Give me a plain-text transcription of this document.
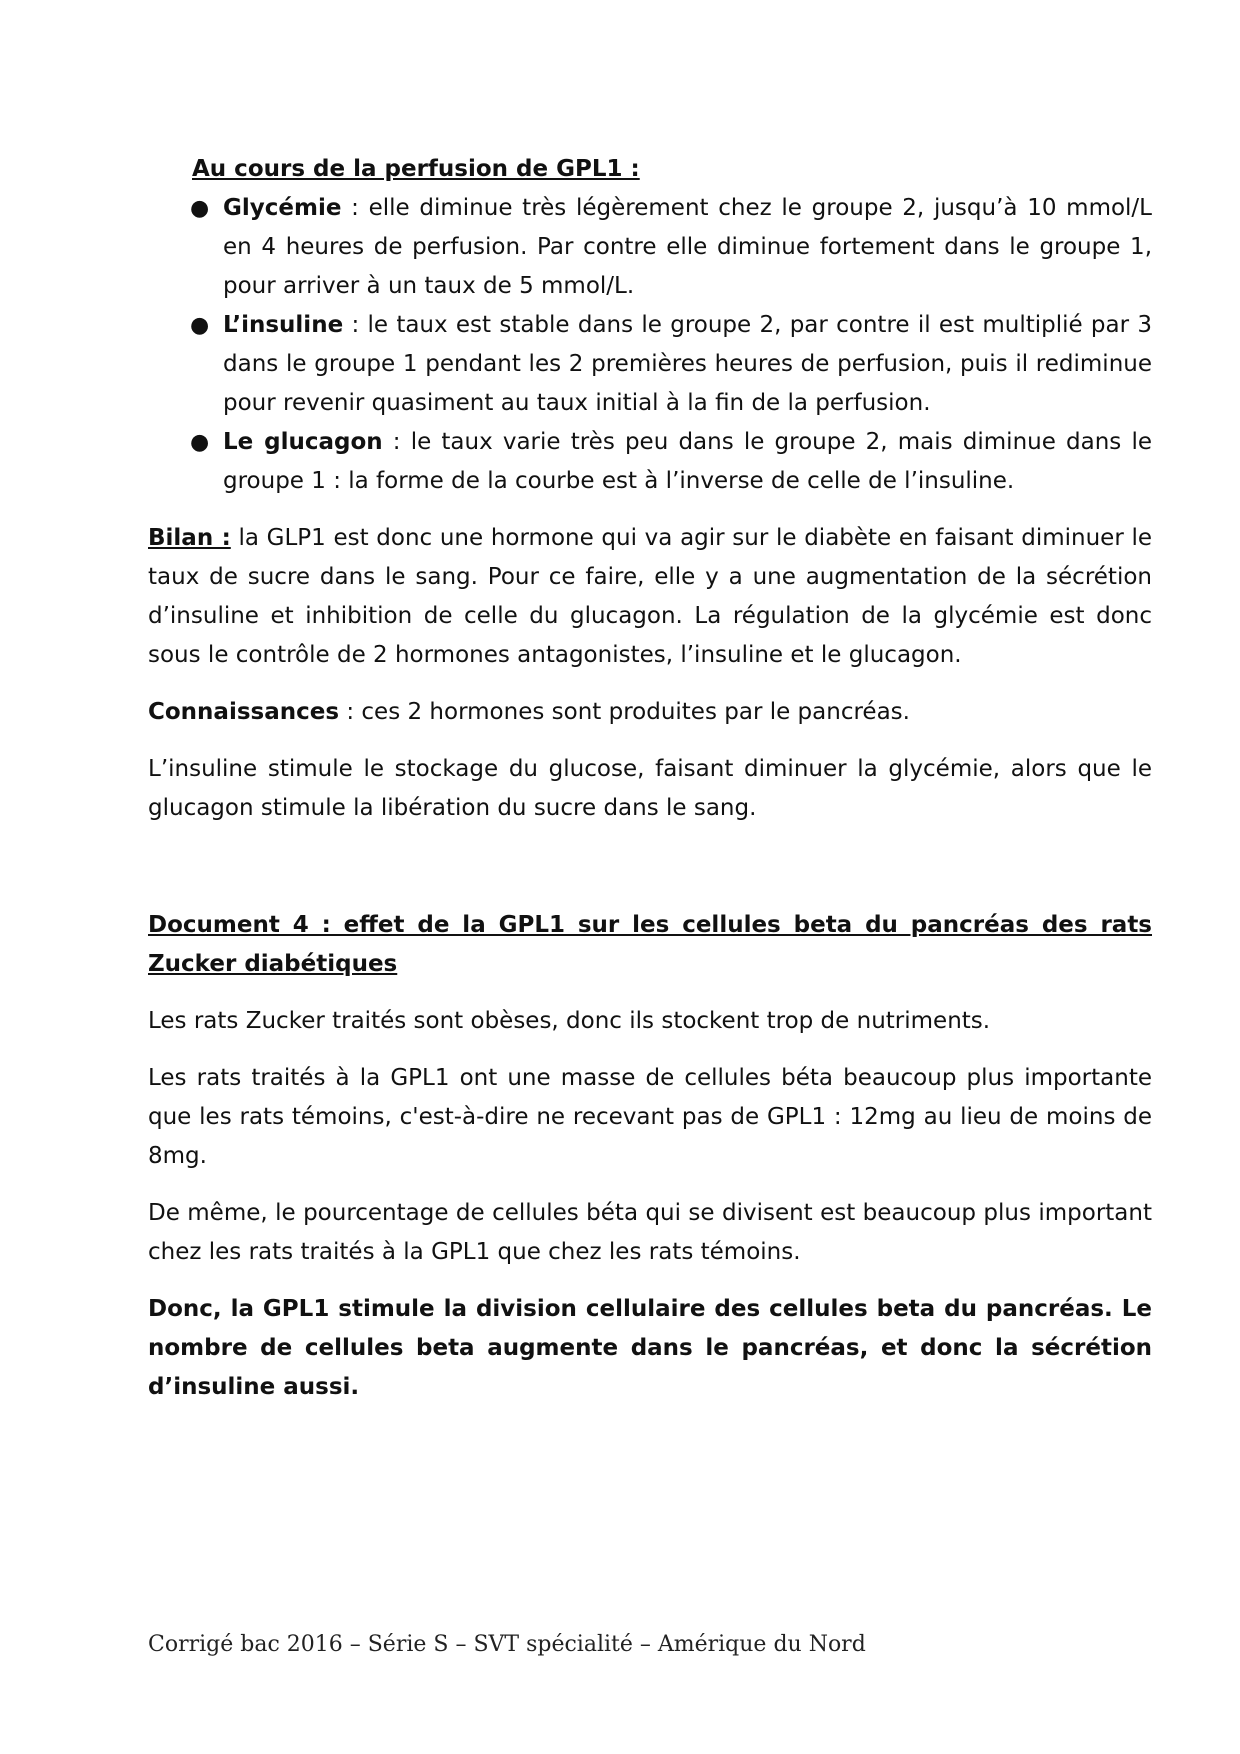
Au cours de la perfusion de GPL1 :

● Glycémie : elle diminue très légèrement chez le groupe 2, jusqu’à 10 mmol/L en 4 heures de perfusion. Par contre elle diminue fortement dans le groupe 1, pour arriver à un taux de 5 mmol/L.
● L’insuline : le taux est stable dans le groupe 2, par contre il est multiplié par 3 dans le groupe 1 pendant les 2 premières heures de perfusion, puis il rediminue pour revenir quasiment au taux initial à la fin de la perfusion.
● Le glucagon : le taux varie très peu dans le groupe 2, mais diminue dans le groupe 1 : la forme de la courbe est à l’inverse de celle de l’insuline.

Bilan : la GLP1 est donc une hormone qui va agir sur le diabète en faisant diminuer le taux de sucre dans le sang. Pour ce faire, elle y a une augmentation de la sécrétion d’insuline et inhibition de celle du glucagon. La régulation de la glycémie est donc sous le contrôle de 2 hormones antagonistes, l’insuline et le glucagon.

Connaissances : ces 2 hormones sont produites par le pancréas.

L’insuline stimule le stockage du glucose, faisant diminuer la glycémie, alors que le glucagon stimule la libération du sucre dans le sang.

Document 4 : effet de la GPL1 sur les cellules beta du pancréas des rats Zucker diabétiques

Les rats Zucker traités sont obèses, donc ils stockent trop de nutriments.

Les rats traités à la GPL1 ont une masse de cellules béta beaucoup plus importante que les rats témoins, c'est-à-dire ne recevant pas de GPL1 : 12mg au lieu de moins de 8mg.

De même, le pourcentage de cellules béta qui se divisent est beaucoup plus important chez les rats traités à la GPL1 que chez les rats témoins.

Donc, la GPL1 stimule la division cellulaire des cellules beta du pancréas. Le nombre de cellules beta augmente dans le pancréas, et donc la sécrétion d’insuline aussi.

Corrigé bac 2016 – Série S – SVT spécialité – Amérique du Nord
